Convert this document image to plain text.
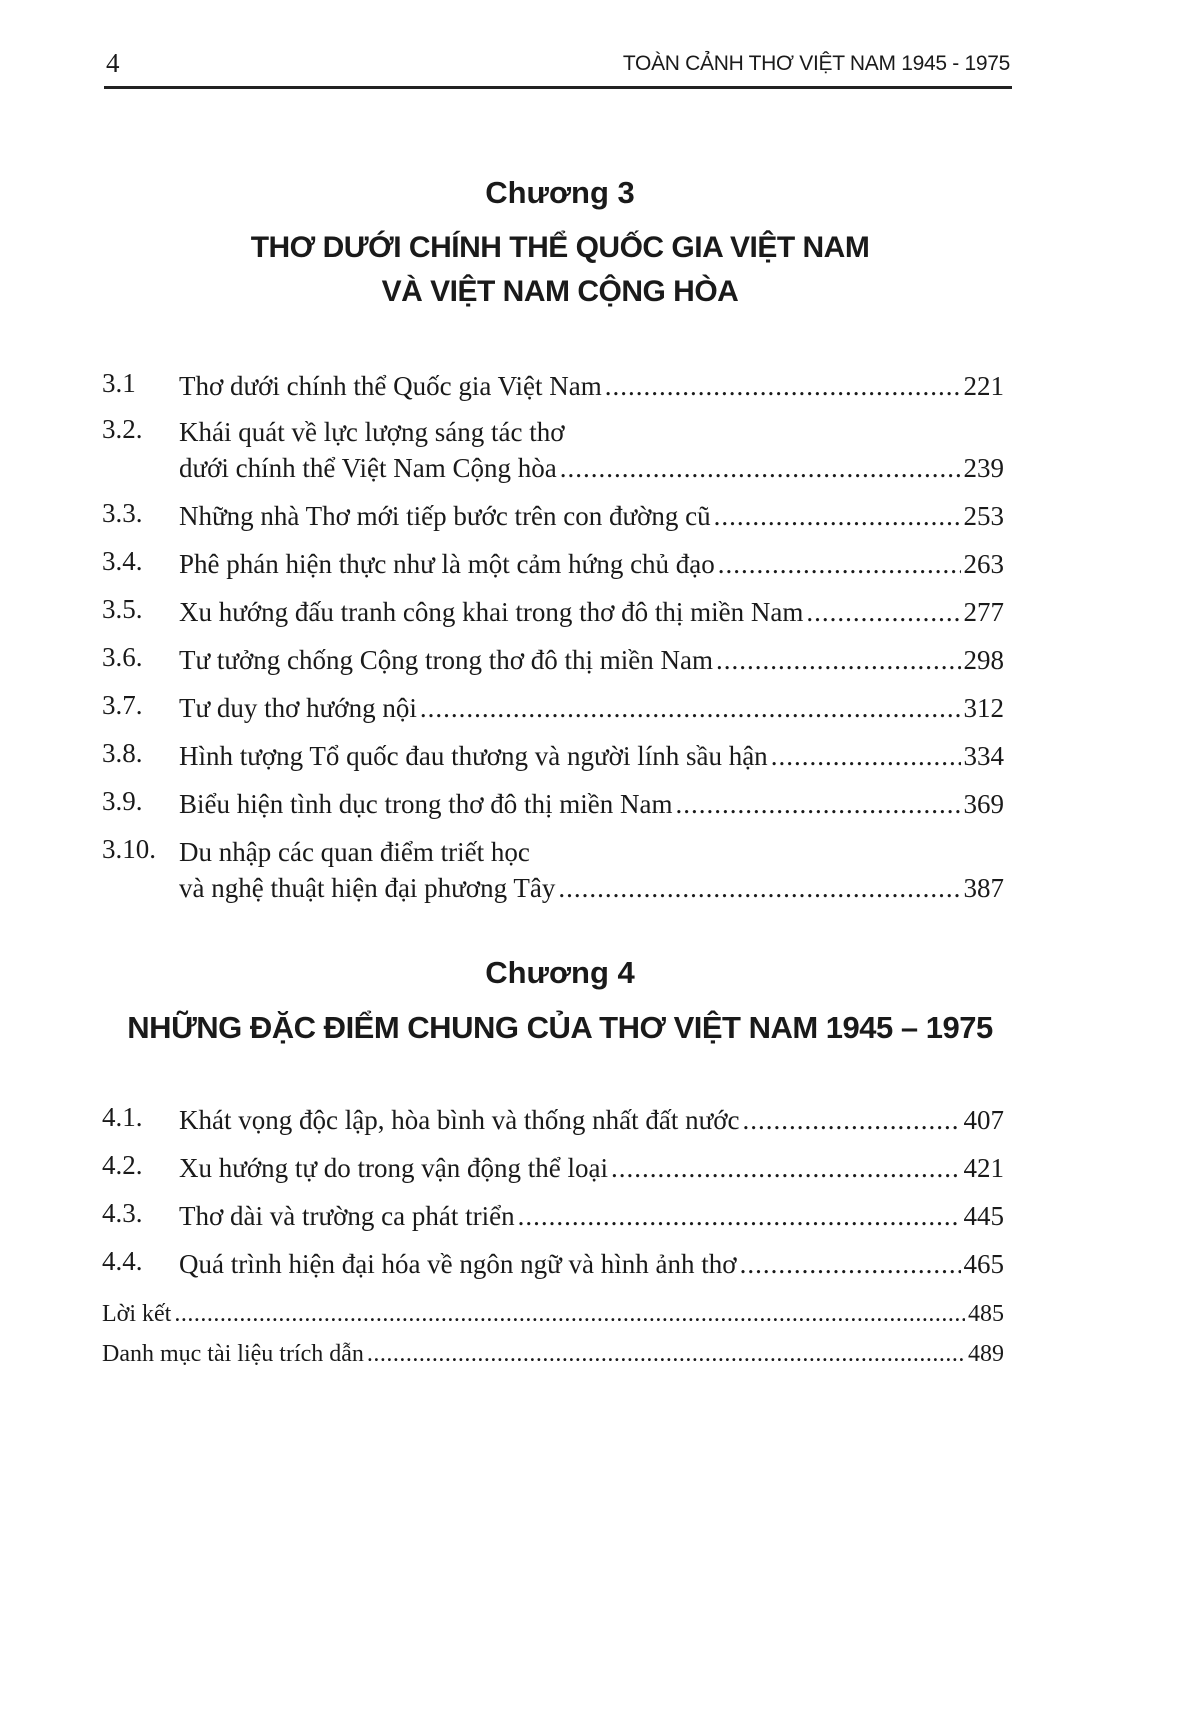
4	TOÀN CẢNH THƠ VIỆT NAM 1945 - 1975
Chương 3
THƠ DƯỚI CHÍNH THỂ QUỐC GIA VIỆT NAM
VÀ VIỆT NAM CỘNG HÒA
3.1 Thơ dưới chính thể Quốc gia Việt Nam .....	221
3.2. Khái quát về lực lượng sáng tác thơ
dưới chính thể Việt Nam Cộng hòa .....	239
3.3. Những nhà Thơ mới tiếp bước trên con đường cũ .....	253
3.4. Phê phán hiện thực như là một cảm hứng chủ đạo .....	263
3.5. Xu hướng đấu tranh công khai trong thơ đô thị miền Nam .....	277
3.6. Tư tưởng chống Cộng trong thơ đô thị miền Nam .....	298
3.7. Tư duy thơ hướng nội .....	312
3.8. Hình tượng Tổ quốc đau thương và người lính sầu hận .....	334
3.9. Biểu hiện tình dục trong thơ đô thị miền Nam .....	369
3.10. Du nhập các quan điểm triết học
và nghệ thuật hiện đại phương Tây .....	387
Chương 4
NHỮNG ĐẶC ĐIỂM CHUNG CỦA THƠ VIỆT NAM 1945 – 1975
4.1. Khát vọng độc lập, hòa bình và thống nhất đất nước .....	407
4.2. Xu hướng tự do trong vận động thể loại .....	421
4.3. Thơ dài và trường ca phát triển .....	445
4.4. Quá trình hiện đại hóa về ngôn ngữ và hình ảnh thơ .....	465
Lời kết .....	485
Danh mục tài liệu trích dẫn .....	489
